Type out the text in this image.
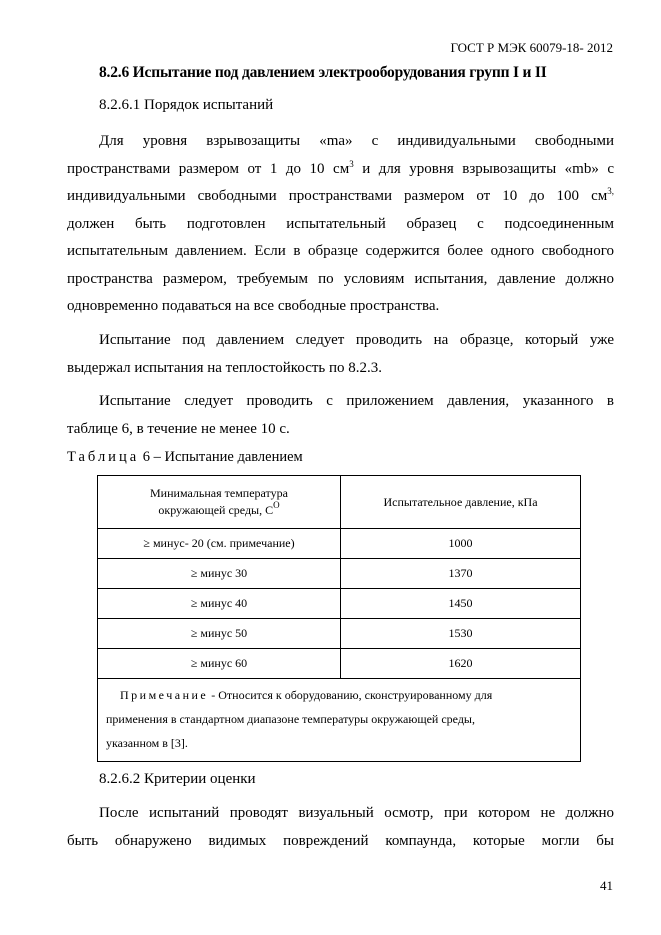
ГОСТ Р МЭК 60079-18- 2012
8.2.6 Испытание под давлением электрооборудования групп I и II
8.2.6.1 Порядок испытаний
Для уровня взрывозащиты «ma» с индивидуальными свободными
пространствами размером от 1 до 10 $см^3$ и для уровня взрывозащиты «mb» с
индивидуальными свободными пространствами размером от 10 до 100 $см^{3,}$
должен быть подготовлен испытательный образец с подсоединенным
испытательным давлением. Если в образце содержится более одного свободного
пространства размером, требуемым по условиям испытания, давление должно
одновременно подаваться на все свободные пространства.
Испытание под давлением следует проводить на образце, который уже
выдержал испытания на теплостойкость по 8.2.3.
Испытание следует проводить с приложением давления, указанного в
таблице 6, в течение не менее 10 с.
Таблица 6 – Испытание давлением
Минимальная температура
окружающей среды, $С^О$	Испытательное давление, кПа
≥ минус- 20 (см. примечание)	1000
≥ минус 30	1370
≥ минус 40	1450
≥ минус 50	1530
≥ минус 60	1620
Примечание - Относится к оборудованию, сконструированному для
применения в стандартном диапазоне температуры окружающей среды,
указанном в [3].	
8.2.6.2 Критерии оценки
После испытаний проводят визуальный осмотр, при котором не должно
быть обнаружено видимых повреждений компаунда, которые могли бы
41
